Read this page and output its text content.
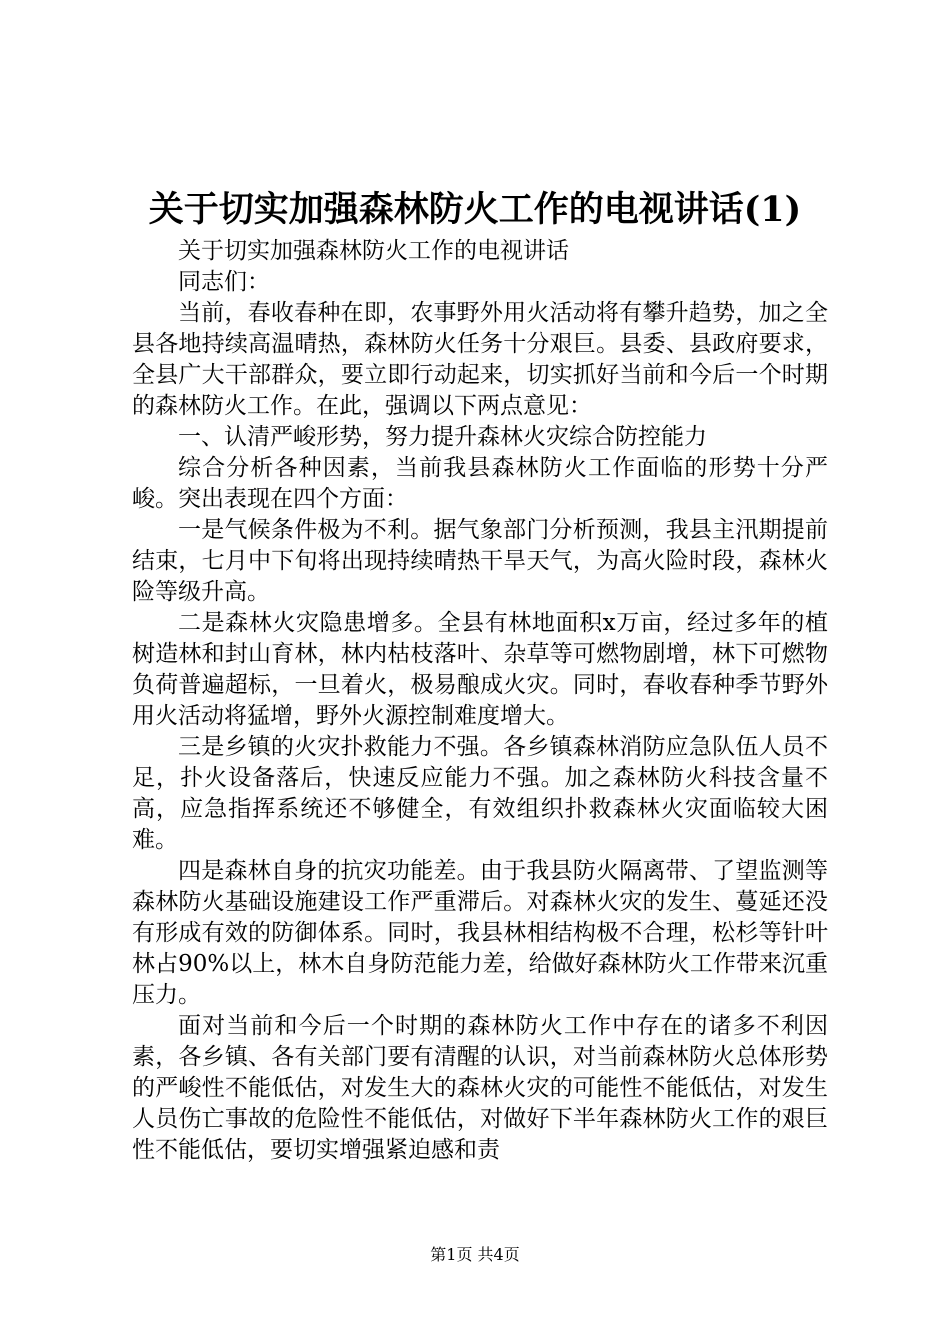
关于切实加强森林防火工作的电视讲话(1)

关于切实加强森林防火工作的电视讲话

同志们：

当前，春收春种在即，农事野外用火活动将有攀升趋势，加之全县各地持续高温晴热，森林防火任务十分艰巨。县委、县政府要求，全县广大干部群众，要立即行动起来，切实抓好当前和今后一个时期的森林防火工作。在此，强调以下两点意见：

一、认清严峻形势，努力提升森林火灾综合防控能力

综合分析各种因素，当前我县森林防火工作面临的形势十分严峻。突出表现在四个方面：

一是气候条件极为不利。据气象部门分析预测，我县主汛期提前结束，七月中下旬将出现持续晴热干旱天气，为高火险时段，森林火险等级升高。

二是森林火灾隐患增多。全县有林地面积x万亩，经过多年的植树造林和封山育林，林内枯枝落叶、杂草等可燃物剧增，林下可燃物负荷普遍超标，一旦着火，极易酿成火灾。同时，春收春种季节野外用火活动将猛增，野外火源控制难度增大。

三是乡镇的火灾扑救能力不强。各乡镇森林消防应急队伍人员不足，扑火设备落后，快速反应能力不强。加之森林防火科技含量不高，应急指挥系统还不够健全，有效组织扑救森林火灾面临较大困难。

四是森林自身的抗灾功能差。由于我县防火隔离带、了望监测等森林防火基础设施建设工作严重滞后。对森林火灾的发生、蔓延还没有形成有效的防御体系。同时，我县林相结构极不合理，松杉等针叶林占90%以上，林木自身防范能力差，给做好森林防火工作带来沉重压力。

面对当前和今后一个时期的森林防火工作中存在的诸多不利因素，各乡镇、各有关部门要有清醒的认识，对当前森林防火总体形势的严峻性不能低估，对发生大的森林火灾的可能性不能低估，对发生人员伤亡事故的危险性不能低估，对做好下半年森林防火工作的艰巨性不能低估，要切实增强紧迫感和责

第1页 共4页
